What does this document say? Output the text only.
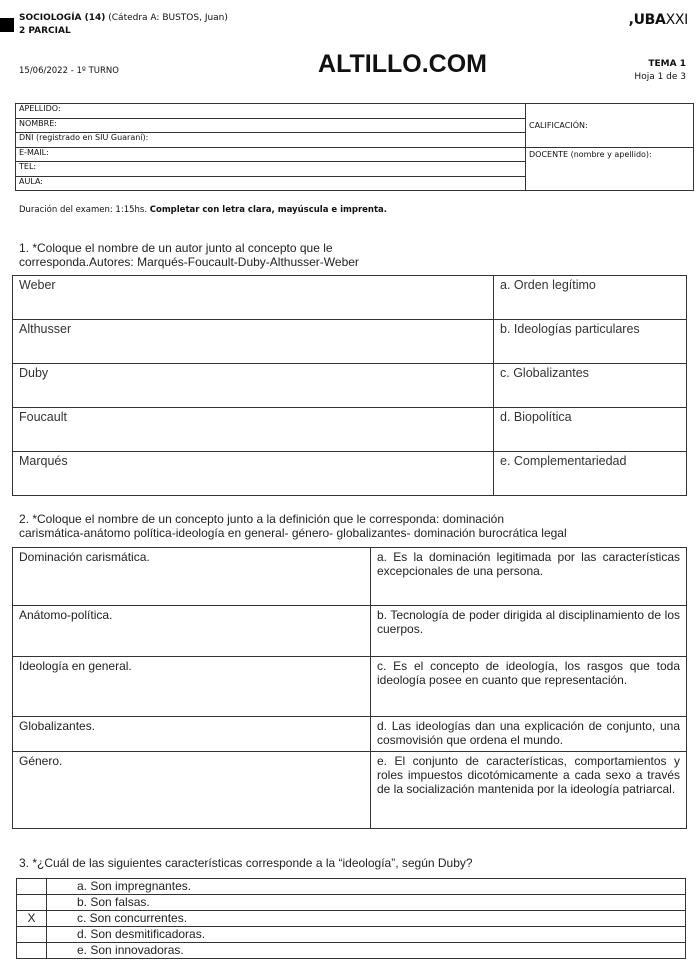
SOCIOLOGÍA (14) (Cátedra A: BUSTOS, Juan)
2 PARCIAL
,UBAXXI
15/06/2022 - 1º TURNO	ALTILLO.COM	TEMA 1
Hoja 1 de 3
APELLIDO:	CALIFICACIÓN:
NOMBRE:	
DNI (registrado en SIU Guaraní):	
E-MAIL:	DOCENTE (nombre y apellido):
TEL:	
AULA:	
Duración del examen: 1:15hs. Completar con letra clara, mayúscula e imprenta.
1. *Coloque el nombre de un autor junto al concepto que le
corresponda.Autores: Marqués-Foucault-Duby-Althusser-Weber
Weber	a. Orden legítimo
Althusser	b. Ideologías particulares
Duby	c. Globalizantes
Foucault	d. Biopolítica
Marqués	e. Complementariedad
2. *Coloque el nombre de un concepto junto a la definición que le corresponda: dominación
carismática-anátomo política-ideología en general- género- globalizantes- dominación burocrática legal
Dominación carismática.	a. Es la dominación legitimada por las características excepcionales de una persona.
Anátomo-política.	b. Tecnología de poder dirigida al disciplinamiento de los cuerpos.
Ideología en general.	c. Es el concepto de ideología, los rasgos que toda ideología posee en cuanto que representación.
Globalizantes.	d. Las ideologías dan una explicación de conjunto, una cosmovisión que ordena el mundo.
Género.	e. El conjunto de características, comportamientos y roles impuestos dicotómicamente a cada sexo a través de la socialización mantenida por la ideología patriarcal.
3. *¿Cuál de las siguientes características corresponde a la “ideología”, según Duby?
	a. Son impregnantes.
	b. Son falsas.
X	c. Son concurrentes.
	d. Son desmitificadoras.
	e. Son innovadoras.
